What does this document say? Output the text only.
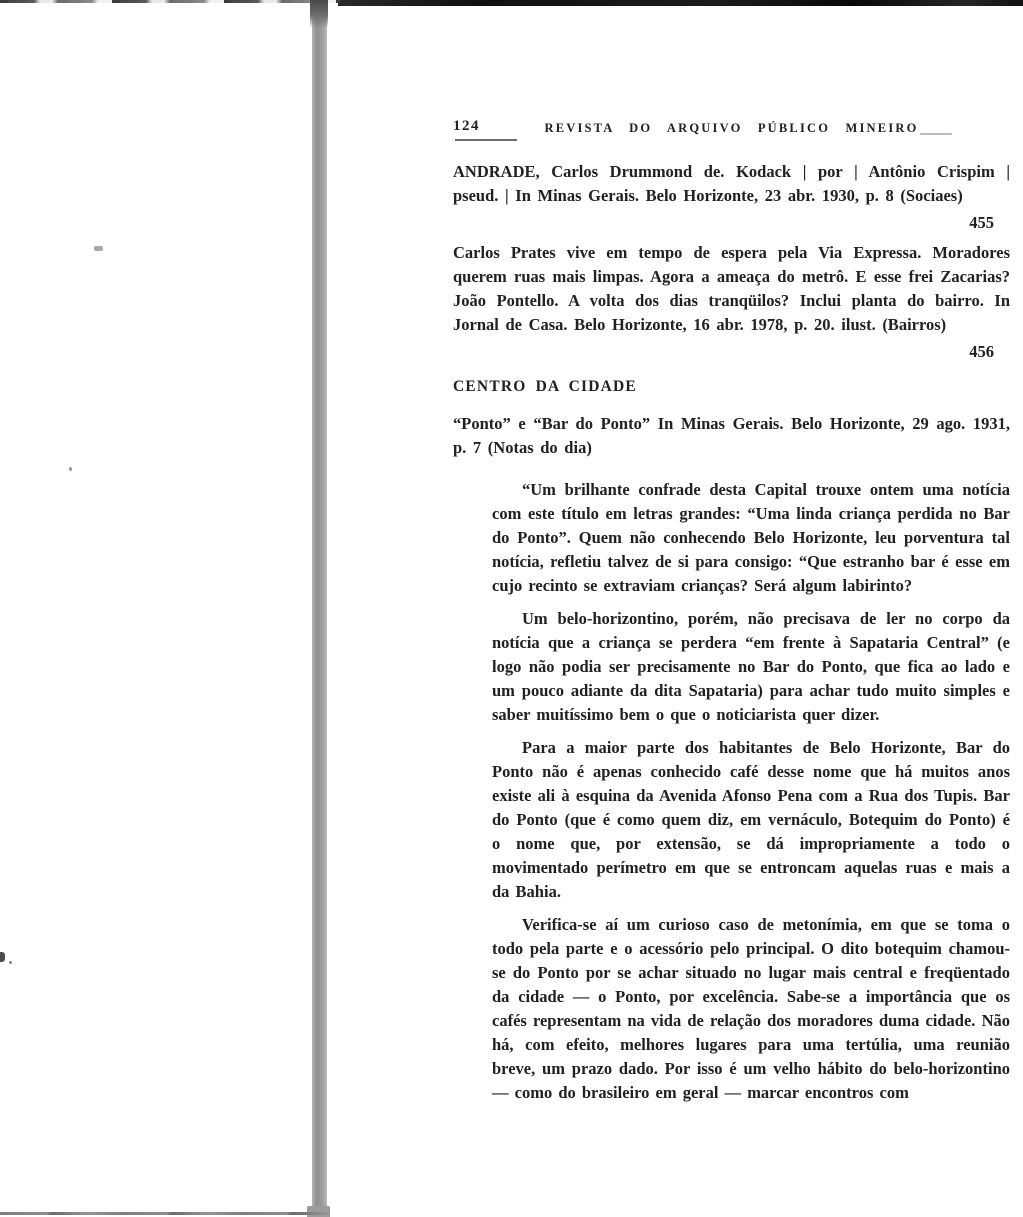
124	REVISTA DO ARQUIVO PÚBLICO MINEIRO

ANDRADE, Carlos Drummond de. Kodack | por | Antônio Crispim | pseud. | In Minas Gerais. Belo Horizonte, 23 abr. 1930, p. 8 (Sociaes)

455

Carlos Prates vive em tempo de espera pela Via Expressa. Moradores querem ruas mais limpas. Agora a ameaça do metrô. E esse frei Zacarias? João Pontello. A volta dos dias tranqüilos? Inclui planta do bairro. In Jornal de Casa. Belo Horizonte, 16 abr. 1978, p. 20. ilust. (Bairros)

456

CENTRO DA CIDADE

“Ponto” e “Bar do Ponto” In Minas Gerais. Belo Horizonte, 29 ago. 1931, p. 7 (Notas do dia)

“Um brilhante confrade desta Capital trouxe ontem uma notícia com este título em letras grandes: “Uma linda criança perdida no Bar do Ponto”. Quem não conhecendo Belo Horizonte, leu porventura tal notícia, refletiu talvez de si para consigo: “Que estranho bar é esse em cujo recinto se extraviam crianças? Será algum labirinto?

Um belo-horizontino, porém, não precisava de ler no corpo da notícia que a criança se perdera “em frente à Sapataria Central” (e logo não podia ser precisamente no Bar do Ponto, que fica ao lado e um pouco adiante da dita Sapataria) para achar tudo muito simples e saber muitíssimo bem o que o noticiarista quer dizer.

Para a maior parte dos habitantes de Belo Horizonte, Bar do Ponto não é apenas conhecido café desse nome que há muitos anos existe ali à esquina da Avenida Afonso Pena com a Rua dos Tupis. Bar do Ponto (que é como quem diz, em vernáculo, Botequim do Ponto) é o nome que, por extensão, se dá impropriamente a todo o movimentado perímetro em que se entroncam aquelas ruas e mais a da Bahia.

Verifica-se aí um curioso caso de metonímia, em que se toma o todo pela parte e o acessório pelo principal. O dito botequim chamou-se do Ponto por se achar situado no lugar mais central e freqüentado da cidade — o Ponto, por excelência. Sabe-se a importância que os cafés representam na vida de relação dos moradores duma cidade. Não há, com efeito, melhores lugares para uma tertúlia, uma reunião breve, um prazo dado. Por isso é um velho hábito do belo-horizontino — como do brasileiro em geral — marcar encontros com
